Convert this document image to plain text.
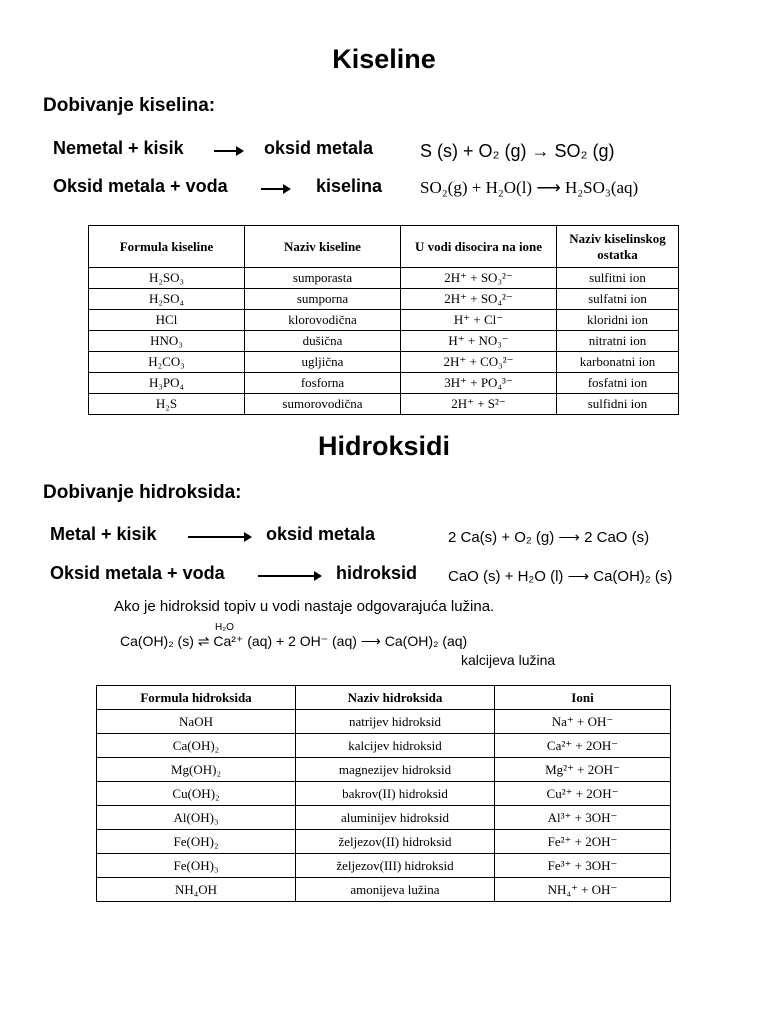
Kiseline
Dobivanje kiselina:
Nemetal + kisik	oksid metala	S (s) + O₂ (g) → SO₂ (g)
Oksid metala + voda	kiselina SO₂(g) + H₂O(l) ⟶ H₂SO₃(aq)
Formula kiseline	Naziv kiseline	U vodi disocira na ione	Naziv kiselinskog ostatka
H₂SO₃	sumporasta	2H⁺ + SO₃²⁻	sulfitni ion
H₂SO₄	sumporna	2H⁺ + SO₄²⁻	sulfatni ion
HCl	klorovodična	H⁺ + Cl⁻	kloridni ion
HNO₃	dušična	H⁺ + NO₃⁻	nitratni ion
H₂CO₃	ugljična	2H⁺ + CO₃²⁻	karbonatni ion
H₃PO₄	fosforna	3H⁺ + PO₄³⁻	fosfatni ion
H₂S	sumorovodična	2H⁺ + S²⁻	sulfidni ion
Hidroksidi
Dobivanje hidroksida:
Metal + kisik	oksid metala	2 Ca(s) + O₂ (g) ⟶ 2 CaO (s)
Oksid metala + voda	hidroksid CaO (s) + H₂O (l) ⟶ Ca(OH)₂ (s)
Ako je hidroksid topiv u vodi nastaje odgovarajuća lužina.
H₂O
Ca(OH)₂ (s) ⇌ Ca²⁺ (aq) + 2 OH⁻ (aq) ⟶ Ca(OH)₂ (aq)
kalcijeva lužina
Formula hidroksida	Naziv hidroksida	Ioni
NaOH	natrijev hidroksid	Na⁺ + OH⁻
Ca(OH)₂	kalcijev hidroksid	Ca²⁺ + 2OH⁻
Mg(OH)₂	magnezijev hidroksid	Mg²⁺ + 2OH⁻
Cu(OH)₂	bakrov(II) hidroksid	Cu²⁺ + 2OH⁻
Al(OH)₃	aluminijev hidroksid	Al³⁺ + 3OH⁻
Fe(OH)₂	željezov(II) hidroksid	Fe²⁺ + 2OH⁻
Fe(OH)₃	željezov(III) hidroksid	Fe³⁺ + 3OH⁻
NH₄OH	amonijeva lužina	NH₄⁺ + OH⁻
